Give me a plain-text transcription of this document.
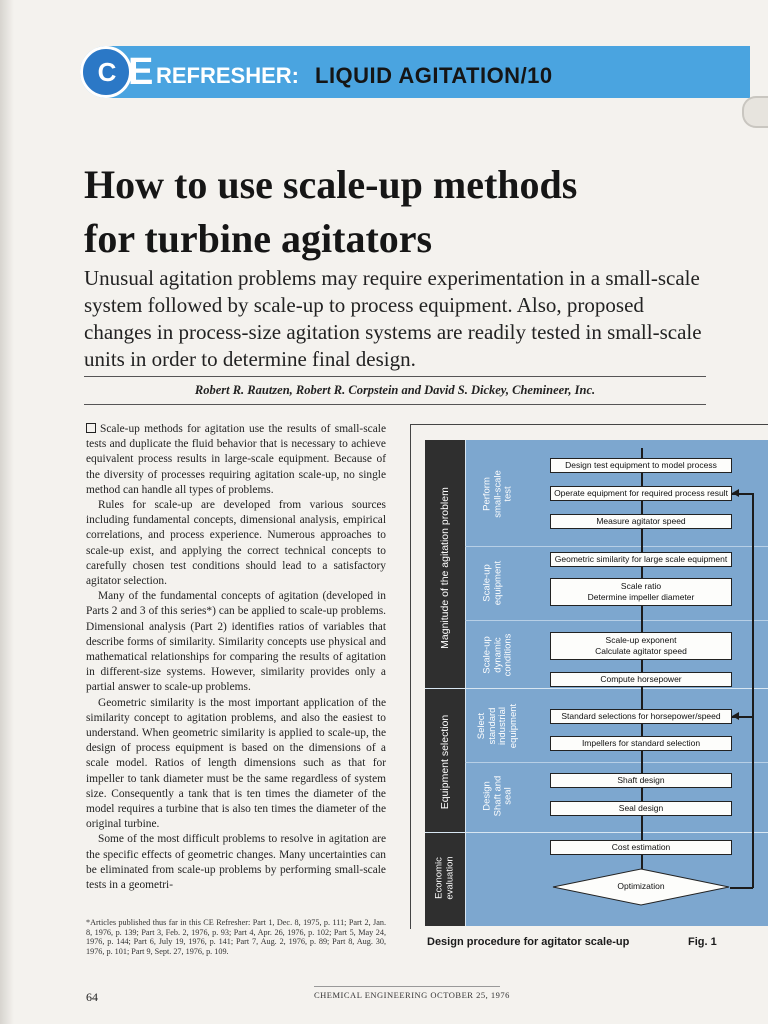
C E REFRESHER: LIQUID AGITATION/10
How to use scale-up methods
for turbine agitators

Unusual agitation problems may require experimentation in a small-scale system followed by scale-up to process equipment. Also, proposed changes in process-size agitation systems are readily tested in small-scale units in order to determine final design.

Robert R. Rautzen, Robert R. Corpstein and David S. Dickey, Chemineer, Inc.

Scale-up methods for agitation use the results of small-scale tests and duplicate the fluid behavior that is necessary to achieve equivalent process results in large-scale equipment. Because of the diversity of processes requiring agitation scale-up, no single method can handle all types of problems.

Rules for scale-up are developed from various sources including fundamental concepts, dimensional analysis, empirical correlations, and process experience. Numerous approaches to scale-up exist, and applying the correct technical concepts to carefully chosen test conditions should lead to a satisfactory agitator selection.

Many of the fundamental concepts of agitation (developed in Parts 2 and 3 of this series*) can be applied to scale-up problems. Dimensional analysis (Part 2) identifies ratios of variables that describe forms of similarity. Similarity concepts use physical and mathematical relationships for comparing the results of agitation in different-size systems. However, similarity provides only a partial answer to scale-up problems.

Geometric similarity is the most important application of the similarity concept to agitation problems, and also the easiest to understand. When geometric similarity is applied to scale-up, the design of process equipment is based on the dimensions of a scale model. Ratios of length dimensions such as that for impeller to tank diameter must be the same regardless of system size. Consequently a tank that is ten times the diameter of the model requires a turbine that is also ten times the diameter of the original turbine.

Some of the most difficult problems to resolve in agitation are the specific effects of geometric changes. Many uncertainties can be eliminated from scale-up problems by performing small-scale tests in a geometri-

*Articles published thus far in this CE Refresher: Part 1, Dec. 8, 1975, p. 111; Part 2, Jan. 8, 1976, p. 139; Part 3, Feb. 2, 1976, p. 93; Part 4, Apr. 26, 1976, p. 102; Part 5, May 24, 1976, p. 144; Part 6, July 19, 1976, p. 141; Part 7, Aug. 2, 1976, p. 89; Part 8, Aug. 30, 1976, p. 101; Part 9, Sept. 27, 1976, p. 109.
Magnitude of the agitation problem
Equipment selection
Economic
evaluation
Perform
small-scale
test
Scale-up
equipment
Scale-up
dynamic
conditions
Select
standard
industrial
equipment
Design
Shaft and
seal
Design test equipment to model process
Operate equipment for required process result
Measure agitator speed
Geometric similarity for large scale equipment
Scale ratio
Determine impeller diameter
Scale-up exponent
Calculate agitator speed
Compute horsepower
Standard selections for horsepower/speed
Impellers for standard selection
Shaft design
Seal design
Cost estimation
Optimization
Design procedure for agitator scale-up	Fig. 1
64	CHEMICAL ENGINEERING OCTOBER 25, 1976
